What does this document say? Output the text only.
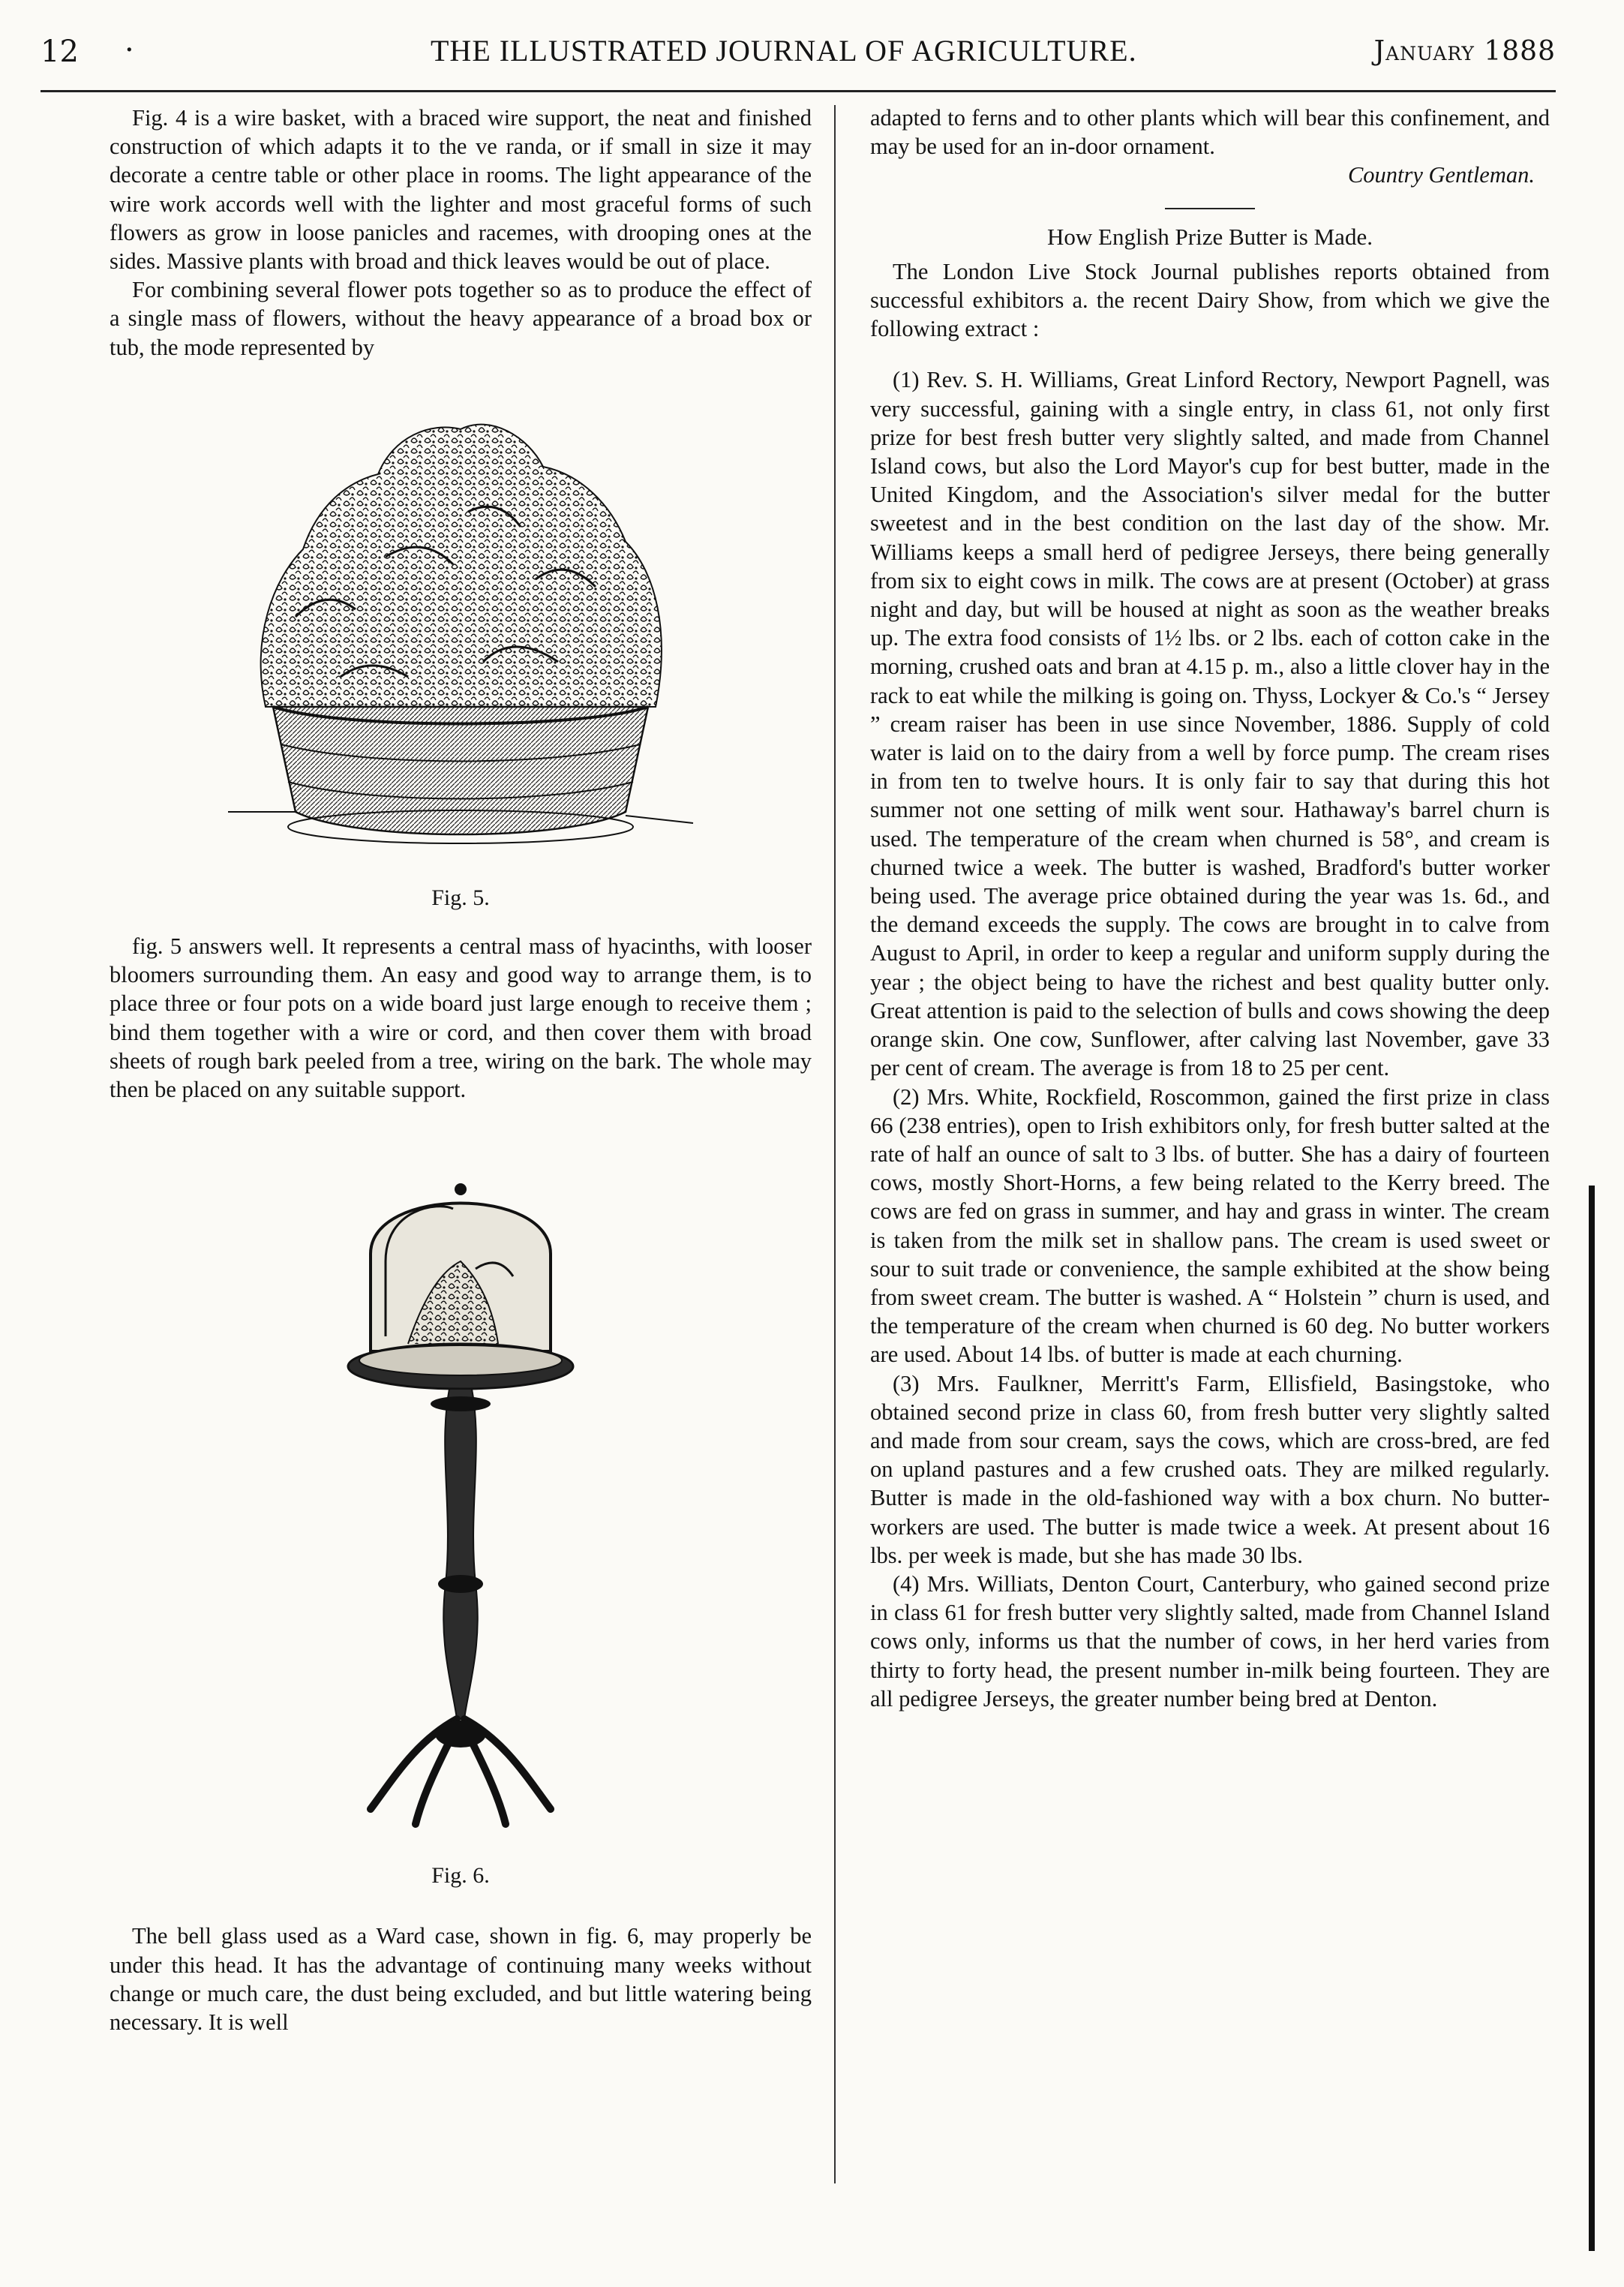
12 ·	THE ILLUSTRATED JOURNAL OF AGRICULTURE.	January 1888

Fig. 4 is a wire basket, with a braced wire support, the neat and finished construction of which adapts it to the ve randa, or if small in size it may decorate a centre table or other place in rooms. The light appearance of the wire work accords well with the lighter and most graceful forms of such flowers as grow in loose panicles and racemes, with drooping ones at the sides. Massive plants with broad and thick leaves would be out of place.

For combining several flower pots together so as to produce the effect of a single mass of flowers, without the heavy appearance of a broad box or tub, the mode represented by

Fig. 5.

fig. 5 answers well. It represents a central mass of hyacinths, with looser bloomers surrounding them. An easy and good way to arrange them, is to place three or four pots on a wide board just large enough to receive them ; bind them together with a wire or cord, and then cover them with broad sheets of rough bark peeled from a tree, wiring on the bark. The whole may then be placed on any suitable support.

Fig. 6.

The bell glass used as a Ward case, shown in fig. 6, may properly be under this head. It has the advantage of continuing many weeks without change or much care, the dust being excluded, and but little watering being necessary. It is well

adapted to ferns and to other plants which will bear this confinement, and may be used for an in-door ornament.

Country Gentleman.

How English Prize Butter is Made.

The London Live Stock Journal publishes reports obtained from successful exhibitors a. the recent Dairy Show, from which we give the following extract :

(1) Rev. S. H. Williams, Great Linford Rectory, Newport Pagnell, was very successful, gaining with a single entry, in class 61, not only first prize for best fresh butter very slightly salted, and made from Channel Island cows, but also the Lord Mayor's cup for best butter, made in the United Kingdom, and the Association's silver medal for the butter sweetest and in the best condition on the last day of the show. Mr. Williams keeps a small herd of pedigree Jerseys, there being generally from six to eight cows in milk. The cows are at present (October) at grass night and day, but will be housed at night as soon as the weather breaks up. The extra food consists of 1½ lbs. or 2 lbs. each of cotton cake in the morning, crushed oats and bran at 4.15 p. m., also a little clover hay in the rack to eat while the milking is going on. Thyss, Lockyer & Co.'s “ Jersey ” cream raiser has been in use since November, 1886. Supply of cold water is laid on to the dairy from a well by force pump. The cream rises in from ten to twelve hours. It is only fair to say that during this hot summer not one setting of milk went sour. Hathaway's barrel churn is used. The temperature of the cream when churned is 58°, and cream is churned twice a week. The butter is washed, Bradford's butter worker being used. The average price obtained during the year was 1s. 6d., and the demand exceeds the supply. The cows are brought in to calve from August to April, in order to keep a regular and uniform supply during the year ; the object being to have the richest and best quality butter only. Great attention is paid to the selection of bulls and cows showing the deep orange skin. One cow, Sunflower, after calving last November, gave 33 per cent of cream. The average is from 18 to 25 per cent.

(2) Mrs. White, Rockfield, Roscommon, gained the first prize in class 66 (238 entries), open to Irish exhibitors only, for fresh butter salted at the rate of half an ounce of salt to 3 lbs. of butter. She has a dairy of fourteen cows, mostly Short-Horns, a few being related to the Kerry breed. The cows are fed on grass in summer, and hay and grass in winter. The cream is taken from the milk set in shallow pans. The cream is used sweet or sour to suit trade or convenience, the sample exhibited at the show being from sweet cream. The butter is washed. A “ Holstein ” churn is used, and the temperature of the cream when churned is 60 deg. No butter workers are used. About 14 lbs. of butter is made at each churning.

(3) Mrs. Faulkner, Merritt's Farm, Ellisfield, Basingstoke, who obtained second prize in class 60, from fresh butter very slightly salted and made from sour cream, says the cows, which are cross-bred, are fed on upland pastures and a few crushed oats. They are milked regularly. Butter is made in the old-fashioned way with a box churn. No butter-workers are used. The butter is made twice a week. At present about 16 lbs. per week is made, but she has made 30 lbs.

(4) Mrs. Williats, Denton Court, Canterbury, who gained second prize in class 61 for fresh butter very slightly salted, made from Channel Island cows only, informs us that the number of cows, in her herd varies from thirty to forty head, the present number in-milk being fourteen. They are all pedigree Jerseys, the greater number being bred at Denton.
